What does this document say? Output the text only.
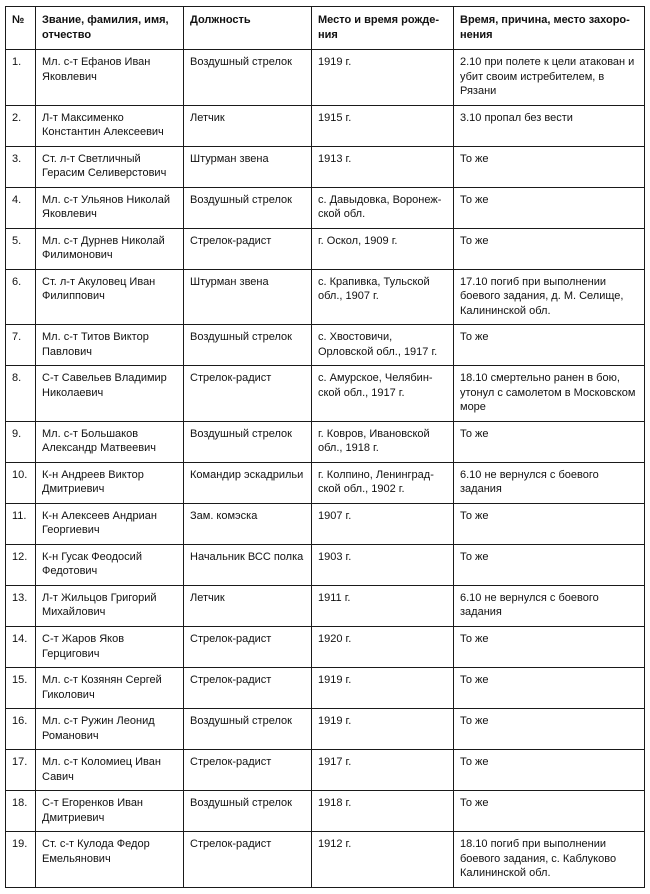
№	Звание, фамилия, имя, отчество	Должность	Место и время рождения	Время, причина, место захоронения
1.	Мл. с-т Ефанов Иван Яковлевич	Воздушный стрелок	1919 г.	2.10 при полете к цели атакован и убит своим истребителем, в Рязани
2.	Л-т Максименко Константин Алексеевич	Летчик	1915 г.	3.10 пропал без вести
3.	Ст. л-т Светличный Герасим Селиверстович	Штурман звена	1913 г.	То же
4.	Мл. с-т Ульянов Николай Яковлевич	Воздушный стрелок	с. Давыдовка, Воронежской обл.	То же
5.	Мл. с-т Дурнев Николай Филимонович	Стрелок-радист	г. Оскол, 1909 г.	То же
6.	Ст. л-т Акуловец Иван Филиппович	Штурман звена	с. Крапивка, Тульской обл., 1907 г.	17.10 погиб при выполнении боевого задания, д. М. Селище, Калининской обл.
7.	Мл. с-т Титов Виктор Павлович	Воздушный стрелок	с. Хвостовичи, Орловской обл., 1917 г.	То же
8.	С-т Савельев Владимир Николаевич	Стрелок-радист	с. Амурское, Челябинской обл., 1917 г.	18.10 смертельно ранен в бою, утонул с самолетом в Московском море
9.	Мл. с-т Большаков Александр Матвеевич	Воздушный стрелок	г. Ковров, Ивановской обл., 1918 г.	То же
10.	К-н Андреев Виктор Дмитриевич	Командир эскадрильи	г. Колпино, Ленинградской обл., 1902 г.	6.10 не вернулся с боевого задания
11.	К-н Алексеев Андриан Георгиевич	Зам. комэска	1907 г.	То же
12.	К-н Гусак Феодосий Федотович	Начальник ВСС полка	1903 г.	То же
13.	Л-т Жильцов Григорий Михайлович	Летчик	1911 г.	6.10 не вернулся с боевого задания
14.	С-т Жаров Яков Герцигович	Стрелок-радист	1920 г.	То же
15.	Мл. с-т Козянян Сергей Гиколович	Стрелок-радист	1919 г.	То же
16.	Мл. с-т Ружин Леонид Романович	Воздушный стрелок	1919 г.	То же
17.	Мл. с-т Коломиец Иван Савич	Стрелок-радист	1917 г.	То же
18.	С-т Егоренков Иван Дмитриевич	Воздушный стрелок	1918 г.	То же
19.	Ст. с-т Кулода Федор Емельянович	Стрелок-радист	1912 г.	18.10 погиб при выполнении боевого задания, с. Каблуково Калининской обл.
